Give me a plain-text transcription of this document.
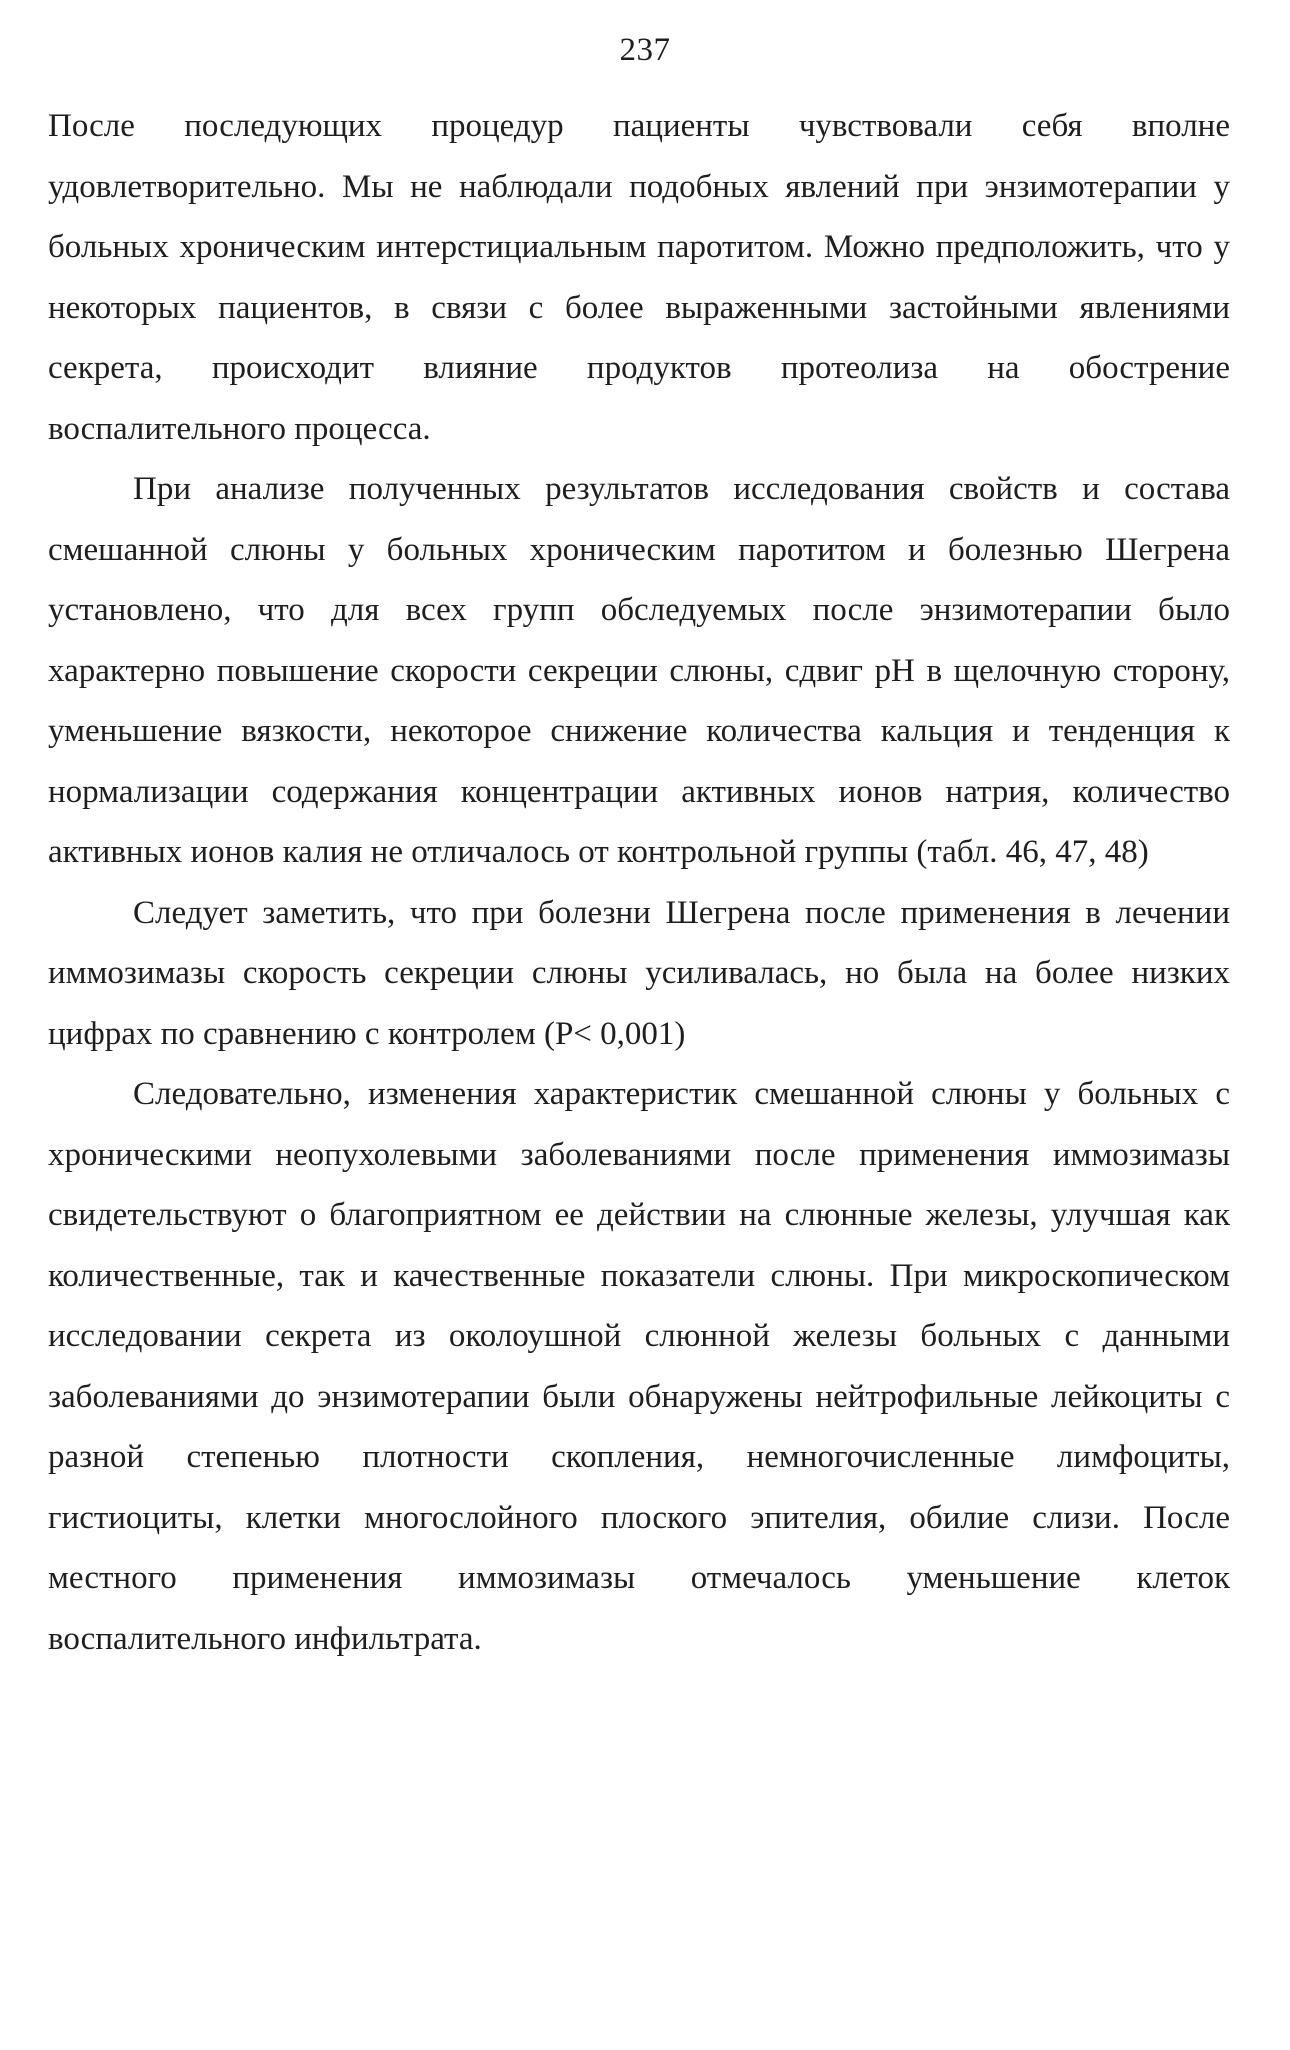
237

После последующих процедур пациенты чувствовали себя вполне удовлетворительно. Мы не наблюдали подобных явлений при энзимотерапии у больных хроническим интерстициальным паротитом. Можно предположить, что у некоторых пациентов, в связи с более выраженными застойными явлениями секрета, происходит влияние продуктов протеолиза на обострение воспалительного процесса.

При анализе полученных результатов исследования свойств и состава смешанной слюны у больных хроническим паротитом и болезнью Шегрена установлено, что для всех групп обследуемых после энзимотерапии было характерно повышение скорости секреции слюны, сдвиг pH в щелочную сторону, уменьшение вязкости, некоторое снижение количества кальция и тенденция к нормализации содержания концентрации активных ионов натрия, количество активных ионов калия не отличалось от контрольной группы (табл. 46, 47, 48)

Следует заметить, что при болезни Шегрена после применения в лечении иммозимазы скорость секреции слюны усиливалась, но была на более низких цифрах по сравнению с контролем (P< 0,001)

Следовательно, изменения характеристик смешанной слюны у больных с хроническими неопухолевыми заболеваниями после применения иммозимазы свидетельствуют о благоприятном ее действии на слюнные железы, улучшая как количественные, так и качественные показатели слюны. При микроскопическом исследовании секрета из околоушной слюнной железы больных с данными заболеваниями до энзимотерапии были обнаружены нейтрофильные лейкоциты с разной степенью плотности скопления, немногочисленные лимфоциты, гистиоциты, клетки многослойного плоского эпителия, обилие слизи. После местного применения иммозимазы отмечалось уменьшение клеток воспалительного инфильтрата.
